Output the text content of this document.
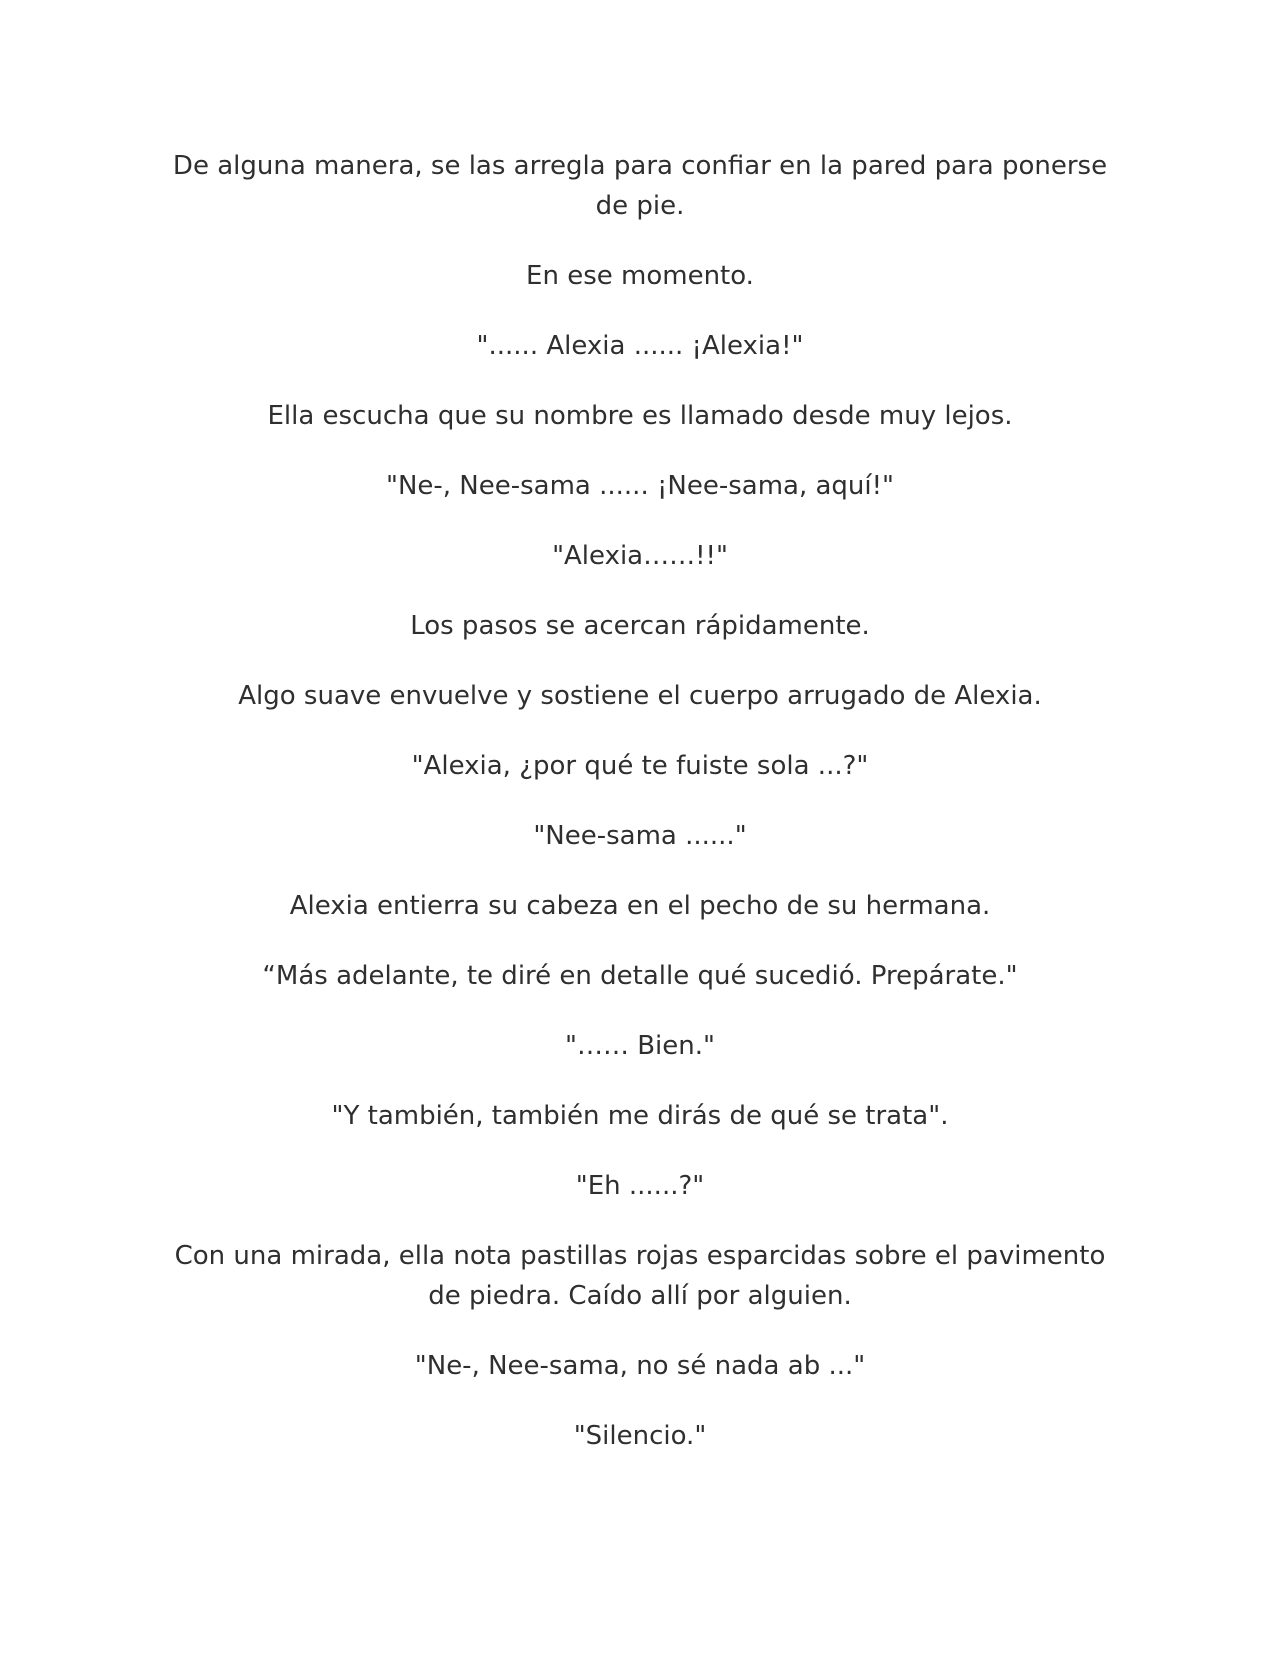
De alguna manera, se las arregla para confiar en la pared para ponerse de pie.

En ese momento.

"...... Alexia ...... ¡Alexia!"

Ella escucha que su nombre es llamado desde muy lejos.

"Ne-, Nee-sama ...... ¡Nee-sama, aquí!"

"Alexia……!!"

Los pasos se acercan rápidamente.

Algo suave envuelve y sostiene el cuerpo arrugado de Alexia.

"Alexia, ¿por qué te fuiste sola ...?"

"Nee-sama ......"

Alexia entierra su cabeza en el pecho de su hermana.

“Más adelante, te diré en detalle qué sucedió. Prepárate."

"…… Bien."

"Y también, también me dirás de qué se trata".

"Eh ......?"

Con una mirada, ella nota pastillas rojas esparcidas sobre el pavimento de piedra. Caído allí por alguien.

"Ne-, Nee-sama, no sé nada ab ..."

"Silencio."
